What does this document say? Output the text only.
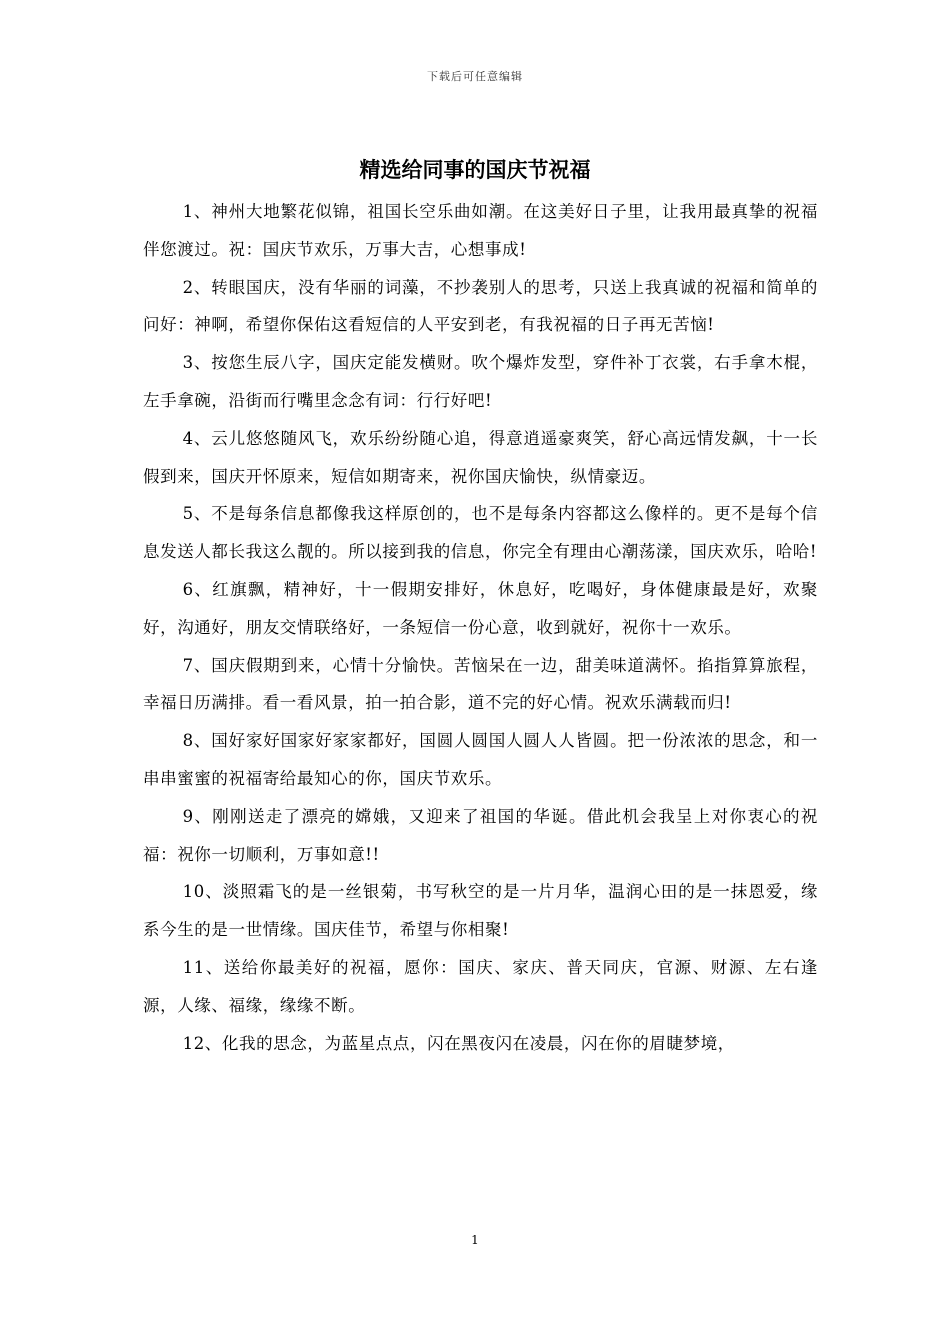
下载后可任意编辑
精选给同事的国庆节祝福

1、神州大地繁花似锦，祖国长空乐曲如潮。在这美好日子里，让我用最真挚的祝福伴您渡过。祝：国庆节欢乐，万事大吉，心想事成!

2、转眼国庆，没有华丽的词藻，不抄袭别人的思考，只送上我真诚的祝福和简单的问好：神啊，希望你保佑这看短信的人平安到老，有我祝福的日子再无苦恼!

3、按您生辰八字，国庆定能发横财。吹个爆炸发型，穿件补丁衣裳，右手拿木棍，左手拿碗，沿街而行嘴里念念有词：行行好吧!

4、云儿悠悠随风飞，欢乐纷纷随心追，得意逍遥豪爽笑，舒心高远情发飙，十一长假到来，国庆开怀原来，短信如期寄来，祝你国庆愉快，纵情豪迈。

5、不是每条信息都像我这样原创的，也不是每条内容都这么像样的。更不是每个信息发送人都长我这么靓的。所以接到我的信息，你完全有理由心潮荡漾，国庆欢乐，哈哈!

6、红旗飘，精神好，十一假期安排好，休息好，吃喝好，身体健康最是好，欢聚好，沟通好，朋友交情联络好，一条短信一份心意，收到就好，祝你十一欢乐。

7、国庆假期到来，心情十分愉快。苦恼呆在一边，甜美味道满怀。掐指算算旅程，幸福日历满排。看一看风景，拍一拍合影，道不完的好心情。祝欢乐满载而归!

8、国好家好国家好家家都好，国圆人圆国人圆人人皆圆。把一份浓浓的思念，和一串串蜜蜜的祝福寄给最知心的你，国庆节欢乐。

9、刚刚送走了漂亮的嫦娥，又迎来了祖国的华诞。借此机会我呈上对你衷心的祝福：祝你一切顺利，万事如意!!

10、淡照霜飞的是一丝银菊，书写秋空的是一片月华，温润心田的是一抹恩爱，缘系今生的是一世情缘。国庆佳节，希望与你相聚!

11、送给你最美好的祝福，愿你：国庆、家庆、普天同庆，官源、财源、左右逢源，人缘、福缘，缘缘不断。

12、化我的思念，为蓝星点点，闪在黑夜闪在凌晨，闪在你的眉睫梦境，

1
